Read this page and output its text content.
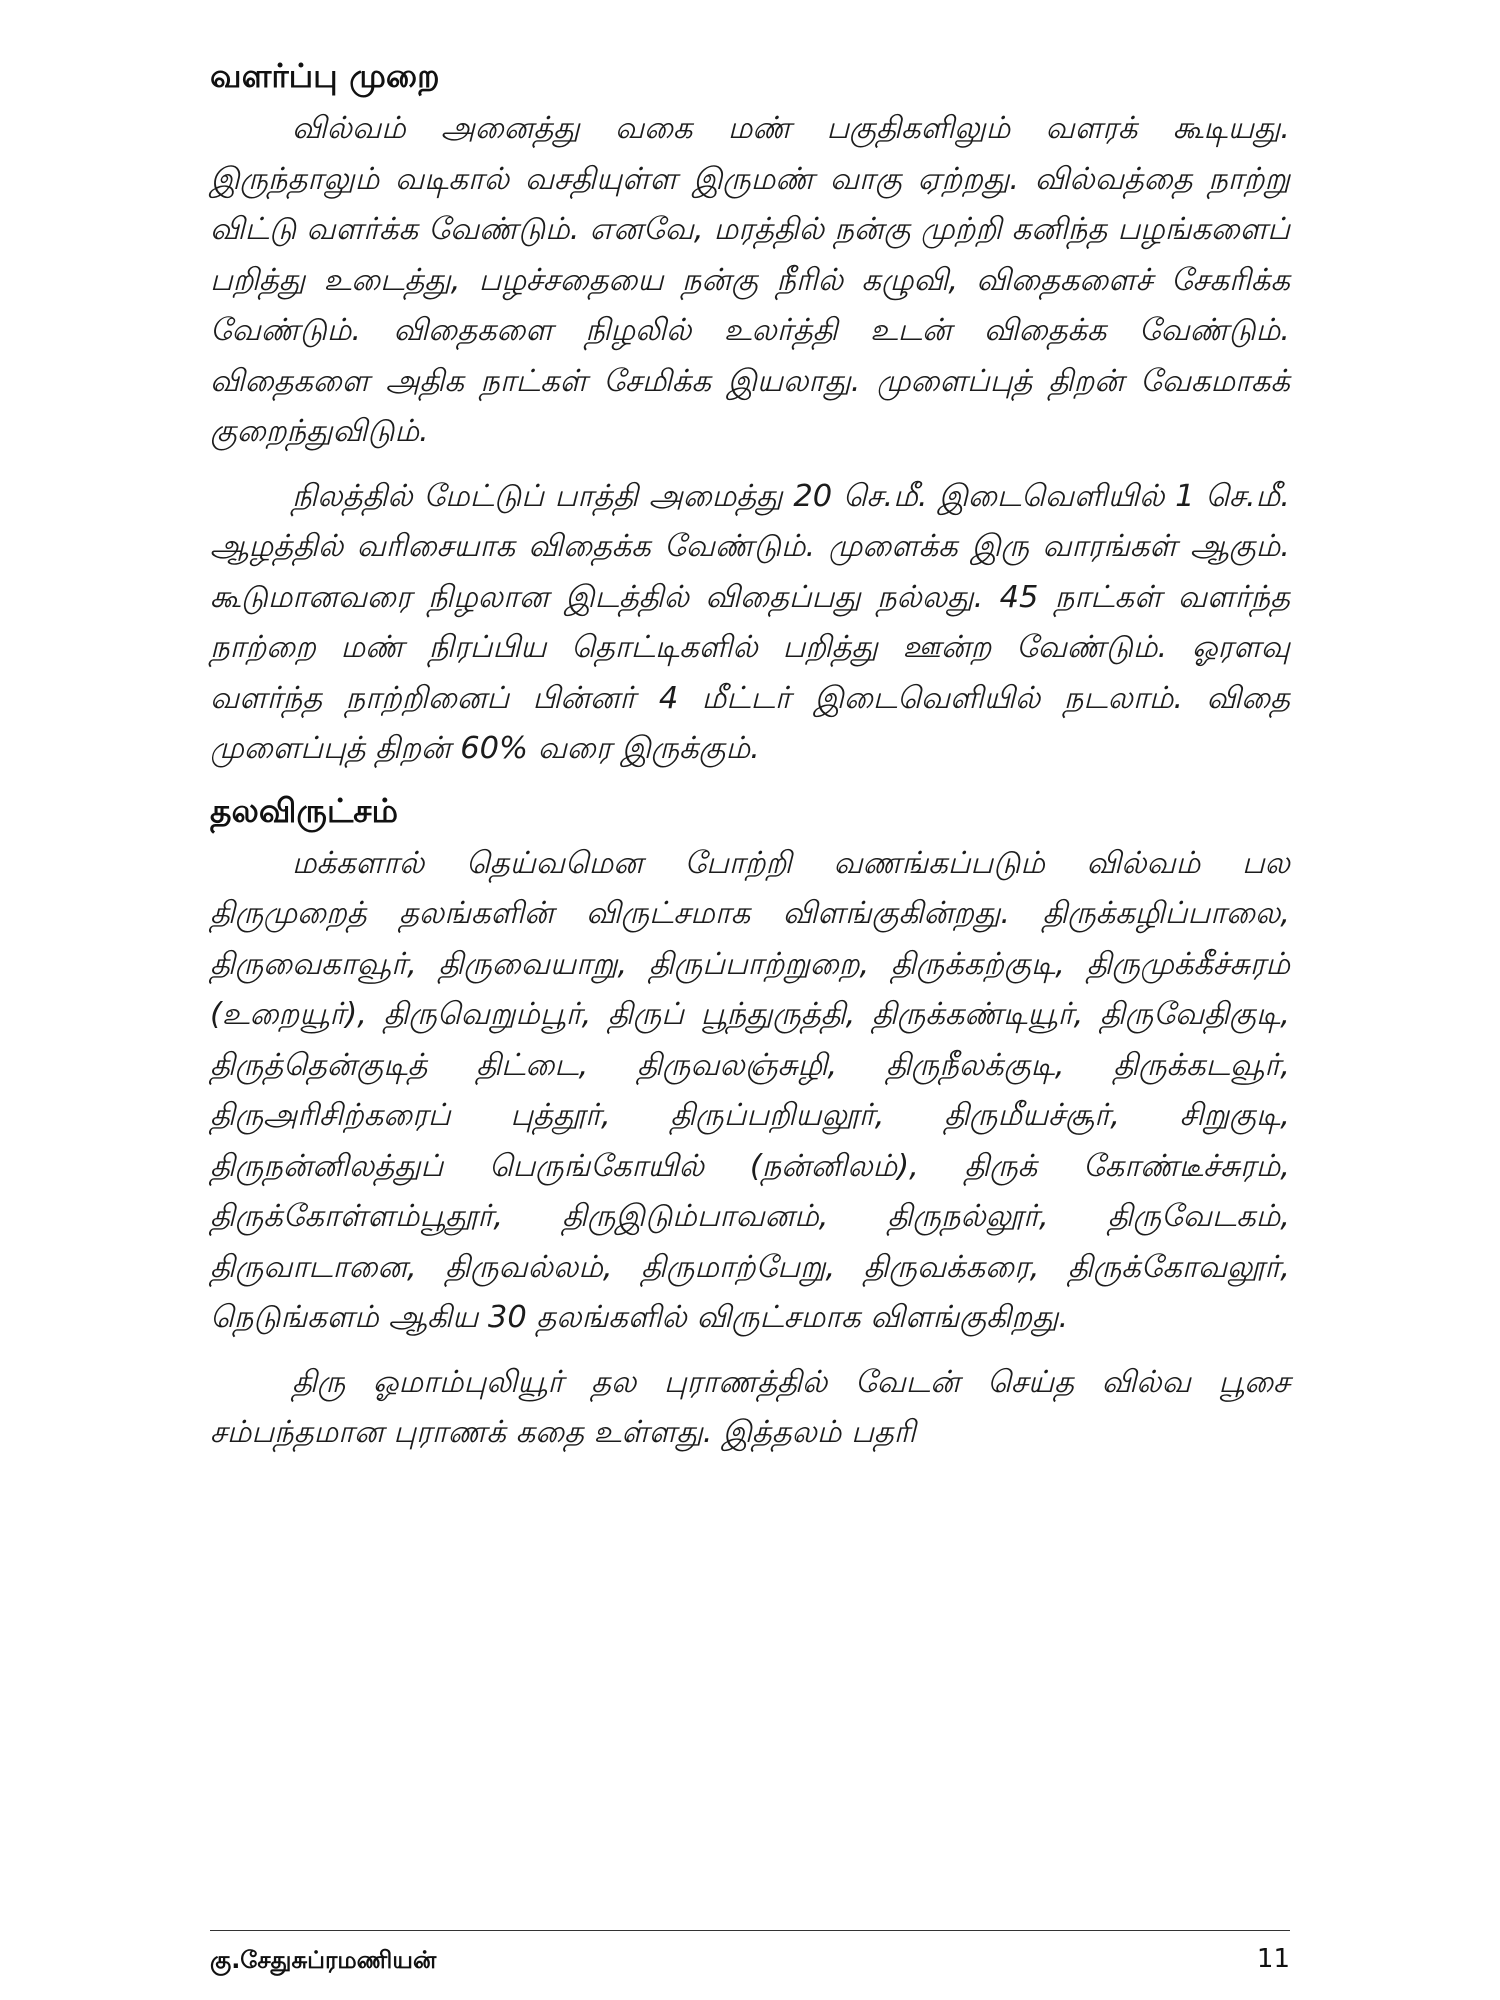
வளர்ப்பு முறை

வில்வம் அனைத்து வகை மண் பகுதிகளிலும் வளரக் கூடியது. இருந்தாலும் வடிகால் வசதியுள்ள இருமண் வாகு ஏற்றது. வில்வத்தை நாற்று விட்டு வளர்க்க வேண்டும். எனவே, மரத்தில் நன்கு முற்றி கனிந்த பழங்களைப் பறித்து உடைத்து, பழச்சதையை நன்கு நீரில் கழுவி, விதைகளைச் சேகரிக்க வேண்டும். விதைகளை நிழலில் உலர்த்தி உடன் விதைக்க வேண்டும். விதைகளை அதிக நாட்கள் சேமிக்க இயலாது. முளைப்புத் திறன் வேகமாகக் குறைந்துவிடும்.

நிலத்தில் மேட்டுப் பாத்தி அமைத்து 20 செ.மீ. இடைவெளியில் 1 செ.மீ. ஆழத்தில் வரிசையாக விதைக்க வேண்டும். முளைக்க இரு வாரங்கள் ஆகும். கூடுமானவரை நிழலான இடத்தில் விதைப்பது நல்லது. 45 நாட்கள் வளர்ந்த நாற்றை மண் நிரப்பிய தொட்டிகளில் பறித்து ஊன்ற வேண்டும். ஓரளவு வளர்ந்த நாற்றினைப் பின்னர் 4 மீட்டர் இடைவெளியில் நடலாம். விதை முளைப்புத் திறன் 60% வரை இருக்கும்.

தலவிருட்சம்

மக்களால் தெய்வமென போற்றி வணங்கப்படும் வில்வம் பல திருமுறைத் தலங்களின் விருட்சமாக விளங்குகின்றது. திருக்கழிப்பாலை, திருவைகாவூர், திருவையாறு, திருப்பாற்றுறை, திருக்கற்குடி, திருமுக்கீச்சுரம் (உறையூர்), திருவெறும்பூர், திருப் பூந்துருத்தி, திருக்கண்டியூர், திருவேதிகுடி, திருத்தென்குடித் திட்டை, திருவலஞ்சுழி, திருநீலக்குடி, திருக்கடவூர், திருஅரிசிற்கரைப் புத்தூர், திருப்பறியலூர், திருமீயச்சூர், சிறுகுடி, திருநன்னிலத்துப் பெருங்கோயில் (நன்னிலம்), திருக் கோண்டீச்சுரம், திருக்கோள்ளம்பூதூர், திருஇடும்பாவனம், திருநல்லூர், திருவேடகம், திருவாடானை, திருவல்லம், திருமாற்பேறு, திருவக்கரை, திருக்கோவலூர், நெடுங்களம் ஆகிய 30 தலங்களில் விருட்சமாக விளங்குகிறது.

திரு ஓமாம்புலியூர் தல புராணத்தில் வேடன் செய்த வில்வ பூசை சம்பந்தமான புராணக் கதை உள்ளது. இத்தலம் பதரி

கு.சேதுசுப்ரமணியன்	11
